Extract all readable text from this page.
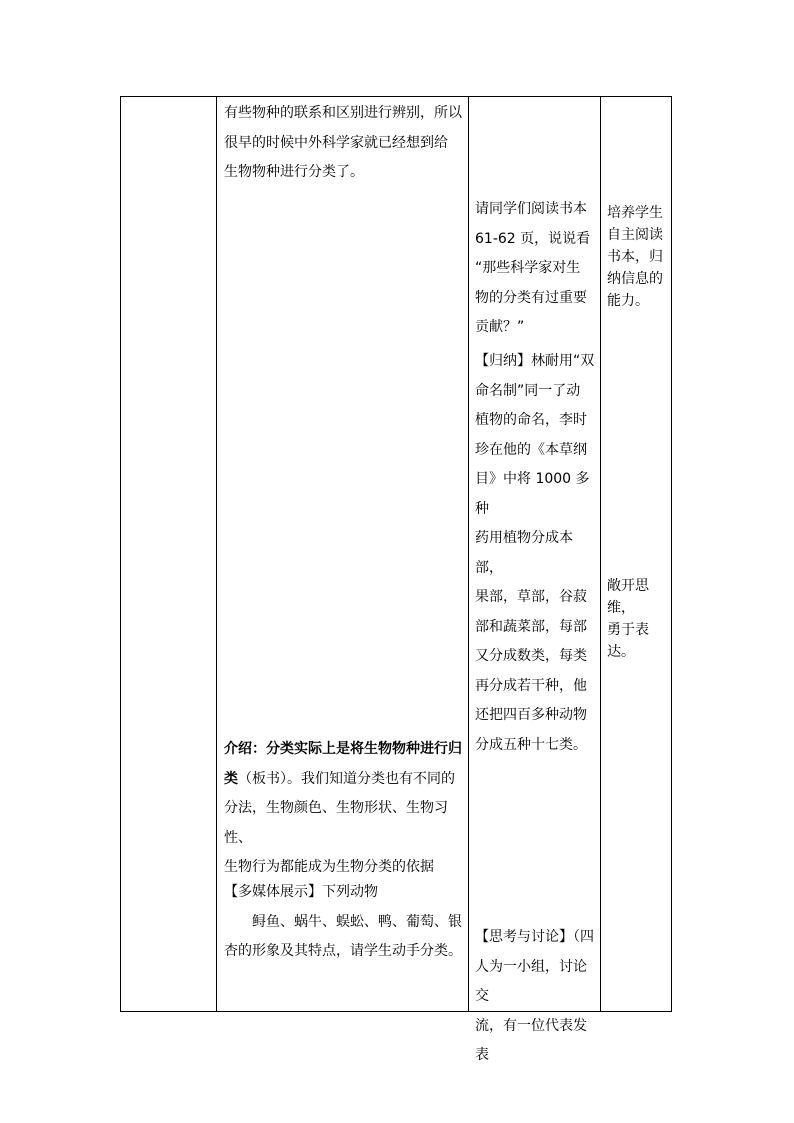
有些物种的联系和区别进行辨别，所以
很早的时候中外科学家就已经想到给
生物物种进行分类了。
介绍：分类实际上是将生物物种进行归
类（板书）。我们知道分类也有不同的
分法，生物颜色、生物形状、生物习性、
生物行为都能成为生物分类的依据
【多媒体展示】下列动物
鲟鱼、蜗牛、蜈蚣、鸭、葡萄、银
杏的形象及其特点，请学生动手分类。
请同学们阅读书本
61-62 页，说说看
“那些科学家对生
物的分类有过重要
贡献？”
【归纳】林耐用“双
命名制”同一了动
植物的命名，李时
珍在他的《本草纲
目》中将 1000 多种
药用植物分成本部，
果部，草部，谷菽
部和蔬菜部，每部
又分成数类，每类
再分成若干种，他
还把四百多种动物
分成五种十七类。
【思考与讨论】（四
人为一小组，讨论交
流，有一位代表发表
培养学生
自主阅读
书本，归
纳信息的
能力。
敞开思维，
勇于表达。
